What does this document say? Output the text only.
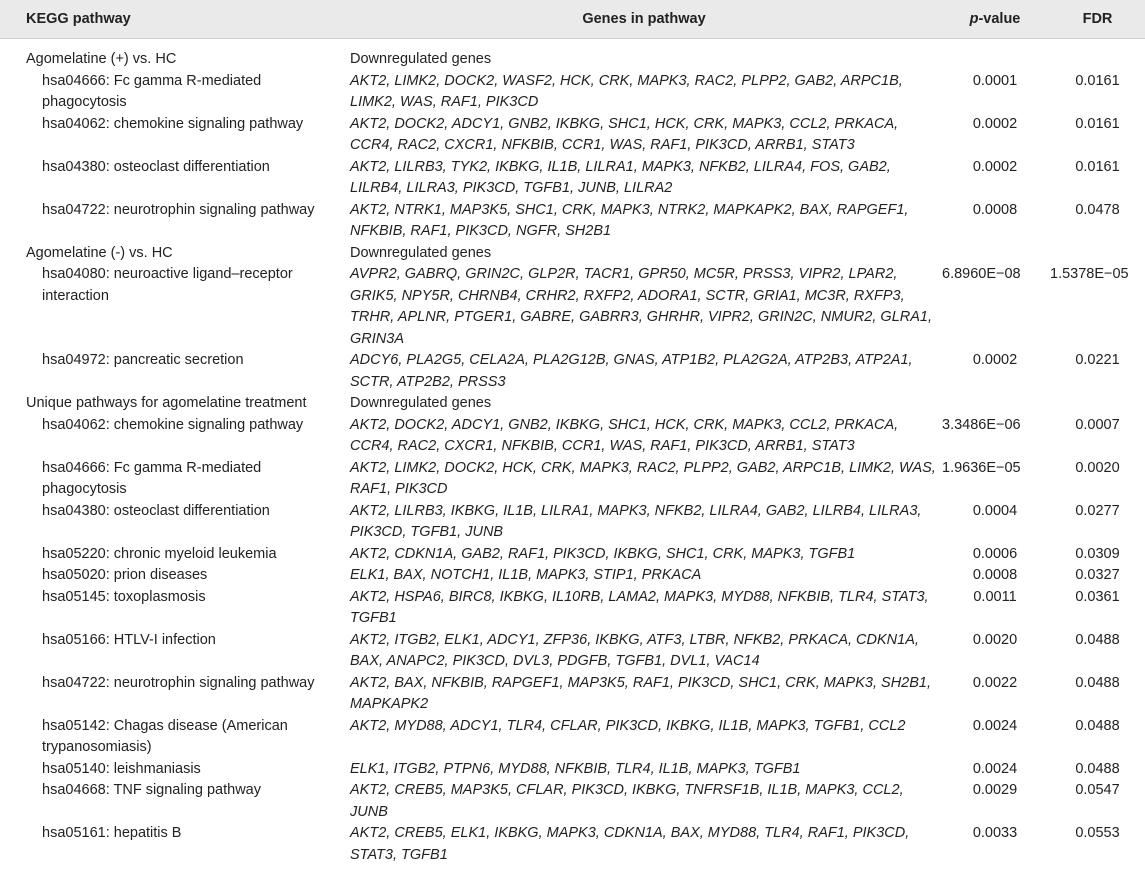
KEGG pathway	Genes in pathway	p-value	FDR

Agomelatine (+) vs. HC	Downregulated genes		

hsa04666: Fc gamma R-mediated phagocytosis	AKT2, LIMK2, DOCK2, WASF2, HCK, CRK, MAPK3, RAC2, PLPP2, GAB2, ARPC1B, LIMK2, WAS, RAF1, PIK3CD	0.0001	0.0161

hsa04062: chemokine signaling pathway	AKT2, DOCK2, ADCY1, GNB2, IKBKG, SHC1, HCK, CRK, MAPK3, CCL2, PRKACA, CCR4, RAC2, CXCR1, NFKBIB, CCR1, WAS, RAF1, PIK3CD, ARRB1, STAT3	0.0002	0.0161

hsa04380: osteoclast differentiation	AKT2, LILRB3, TYK2, IKBKG, IL1B, LILRA1, MAPK3, NFKB2, LILRA4, FOS, GAB2, LILRB4, LILRA3, PIK3CD, TGFB1, JUNB, LILRA2	0.0002	0.0161

hsa04722: neurotrophin signaling pathway	AKT2, NTRK1, MAP3K5, SHC1, CRK, MAPK3, NTRK2, MAPKAPK2, BAX, RAPGEF1, NFKBIB, RAF1, PIK3CD, NGFR, SH2B1	0.0008	0.0478
Agomelatine (-) vs. HC	Downregulated genes		

hsa04080: neuroactive ligand–receptor interaction	AVPR2, GABRQ, GRIN2C, GLP2R, TACR1, GPR50, MC5R, PRSS3, VIPR2, LPAR2, GRIK5, NPY5R, CHRNB4, CRHR2, RXFP2, ADORA1, SCTR, GRIA1, MC3R, RXFP3, TRHR, APLNR, PTGER1, GABRE, GABRR3, GHRHR, VIPR2, GRIN2C, NMUR2, GLRA1, GRIN3A	6.8960E−08	1.5378E−05

hsa04972: pancreatic secretion	ADCY6, PLA2G5, CELA2A, PLA2G12B, GNAS, ATP1B2, PLA2G2A, ATP2B3, ATP2A1, SCTR, ATP2B2, PRSS3	0.0002	0.0221
Unique pathways for agomelatine treatment	Downregulated genes		

hsa04062: chemokine signaling pathway	AKT2, DOCK2, ADCY1, GNB2, IKBKG, SHC1, HCK, CRK, MAPK3, CCL2, PRKACA, CCR4, RAC2, CXCR1, NFKBIB, CCR1, WAS, RAF1, PIK3CD, ARRB1, STAT3	3.3486E−06	0.0007

hsa04666: Fc gamma R-mediated phagocytosis	AKT2, LIMK2, DOCK2, HCK, CRK, MAPK3, RAC2, PLPP2, GAB2, ARPC1B, LIMK2, WAS, RAF1, PIK3CD	1.9636E−05	0.0020

hsa04380: osteoclast differentiation	AKT2, LILRB3, IKBKG, IL1B, LILRA1, MAPK3, NFKB2, LILRA4, GAB2, LILRB4, LILRA3, PIK3CD, TGFB1, JUNB	0.0004	0.0277

hsa05220: chronic myeloid leukemia	AKT2, CDKN1A, GAB2, RAF1, PIK3CD, IKBKG, SHC1, CRK, MAPK3, TGFB1	0.0006	0.0309

hsa05020: prion diseases	ELK1, BAX, NOTCH1, IL1B, MAPK3, STIP1, PRKACA	0.0008	0.0327

hsa05145: toxoplasmosis	AKT2, HSPA6, BIRC8, IKBKG, IL10RB, LAMA2, MAPK3, MYD88, NFKBIB, TLR4, STAT3, TGFB1	0.0011	0.0361

hsa05166: HTLV-I infection	AKT2, ITGB2, ELK1, ADCY1, ZFP36, IKBKG, ATF3, LTBR, NFKB2, PRKACA, CDKN1A, BAX, ANAPC2, PIK3CD, DVL3, PDGFB, TGFB1, DVL1, VAC14	0.0020	0.0488

hsa04722: neurotrophin signaling pathway	AKT2, BAX, NFKBIB, RAPGEF1, MAP3K5, RAF1, PIK3CD, SHC1, CRK, MAPK3, SH2B1, MAPKAPK2	0.0022	0.0488

hsa05142: Chagas disease (American trypanosomiasis)	AKT2, MYD88, ADCY1, TLR4, CFLAR, PIK3CD, IKBKG, IL1B, MAPK3, TGFB1, CCL2	0.0024	0.0488

hsa05140: leishmaniasis	ELK1, ITGB2, PTPN6, MYD88, NFKBIB, TLR4, IL1B, MAPK3, TGFB1	0.0024	0.0488

hsa04668: TNF signaling pathway	AKT2, CREB5, MAP3K5, CFLAR, PIK3CD, IKBKG, TNFRSF1B, IL1B, MAPK3, CCL2, JUNB	0.0029	0.0547

hsa05161: hepatitis B	AKT2, CREB5, ELK1, IKBKG, MAPK3, CDKN1A, BAX, MYD88, TLR4, RAF1, PIK3CD, STAT3, TGFB1	0.0033	0.0553
